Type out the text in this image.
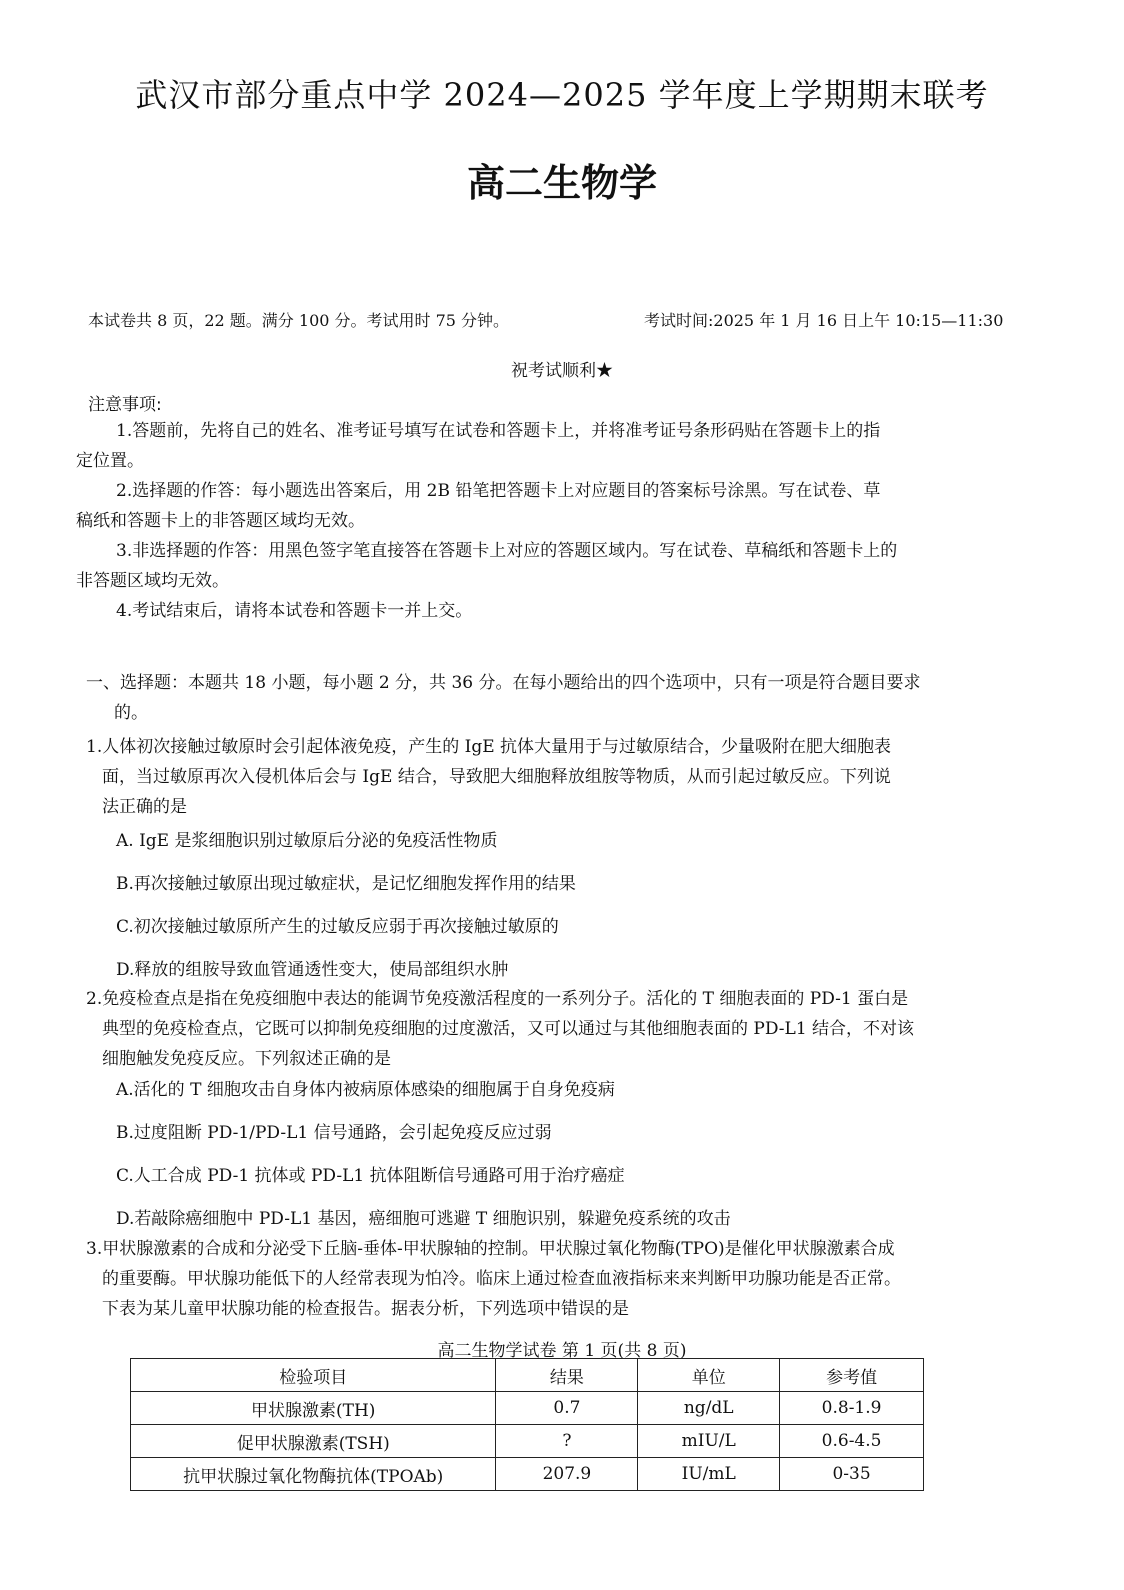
武汉市部分重点中学 2024—2025 学年度上学期期末联考
高二生物学
本试卷共 8 页，22 题。满分 100 分。考试用时 75 分钟。	考试时间:2025 年 1 月 16 日上午 10:15—11:30
祝考试顺利★
注意事项:
1.答题前，先将自己的姓名、准考证号填写在试卷和答题卡上，并将准考证号条形码贴在答题卡上的指
定位置。
2.选择题的作答：每小题选出答案后，用 2B 铅笔把答题卡上对应题目的答案标号涂黑。写在试卷、草
稿纸和答题卡上的非答题区域均无效。
3.非选择题的作答：用黑色签字笔直接答在答题卡上对应的答题区域内。写在试卷、草稿纸和答题卡上的
非答题区域均无效。
4.考试结束后，请将本试卷和答题卡一并上交。
一、选择题：本题共 18 小题，每小题 2 分，共 36 分。在每小题给出的四个选项中，只有一项是符合题目要求
的。
1.人体初次接触过敏原时会引起体液免疫，产生的 IgE 抗体大量用于与过敏原结合，少量吸附在肥大细胞表
面，当过敏原再次入侵机体后会与 IgE 结合，导致肥大细胞释放组胺等物质，从而引起过敏反应。下列说
法正确的是
A. IgE 是浆细胞识别过敏原后分泌的免疫活性物质
B.再次接触过敏原出现过敏症状，是记忆细胞发挥作用的结果
C.初次接触过敏原所产生的过敏反应弱于再次接触过敏原的
D.释放的组胺导致血管通透性变大，使局部组织水肿
2.免疫检查点是指在免疫细胞中表达的能调节免疫激活程度的一系列分子。活化的 T 细胞表面的 PD-1 蛋白是
典型的免疫检查点，它既可以抑制免疫细胞的过度激活，又可以通过与其他细胞表面的 PD-L1 结合，不对该
细胞触发免疫反应。下列叙述正确的是
A.活化的 T 细胞攻击自身体内被病原体感染的细胞属于自身免疫病
B.过度阻断 PD-1/PD-L1 信号通路，会引起免疫反应过弱
C.人工合成 PD-1 抗体或 PD-L1 抗体阻断信号通路可用于治疗癌症
D.若敲除癌细胞中 PD-L1 基因，癌细胞可逃避 T 细胞识别，躲避免疫系统的攻击
3.甲状腺激素的合成和分泌受下丘脑-垂体-甲状腺轴的控制。甲状腺过氧化物酶(TPO)是催化甲状腺激素合成
的重要酶。甲状腺功能低下的人经常表现为怕冷。临床上通过检查血液指标来来判断甲功腺功能是否正常。
下表为某儿童甲状腺功能的检查报告。据表分析，下列选项中错误的是
高二生物学试卷 第 1 页(共 8 页)
检验项目	结果	单位	参考值
甲状腺激素(TH)	0.7	ng/dL	0.8-1.9
促甲状腺激素(TSH)	?	mIU/L	0.6-4.5
抗甲状腺过氧化物酶抗体(TPOAb)	207.9	IU/mL	0-35
